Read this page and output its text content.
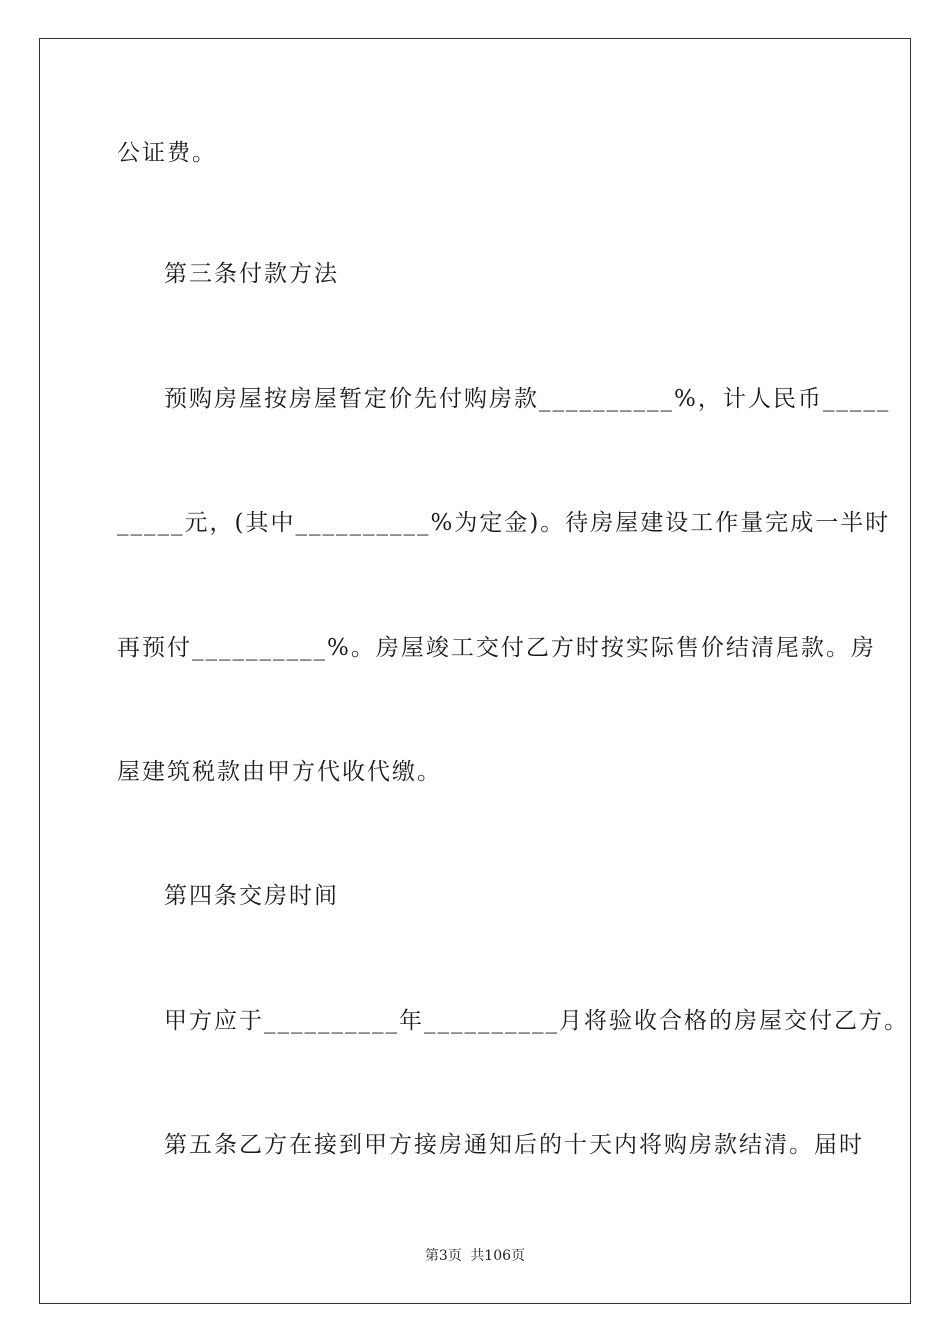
公证费。
第三条付款方法
预购房屋按房屋暂定价先付购房款__________%，计人民币_____
_____元，(其中__________%为定金)。待房屋建设工作量完成一半时
再预付__________%。房屋竣工交付乙方时按实际售价结清尾款。房
屋建筑税款由甲方代收代缴。
第四条交房时间
甲方应于__________年__________月将验收合格的房屋交付乙方。
第五条乙方在接到甲方接房通知后的十天内将购房款结清。届时
第3页 共106页
